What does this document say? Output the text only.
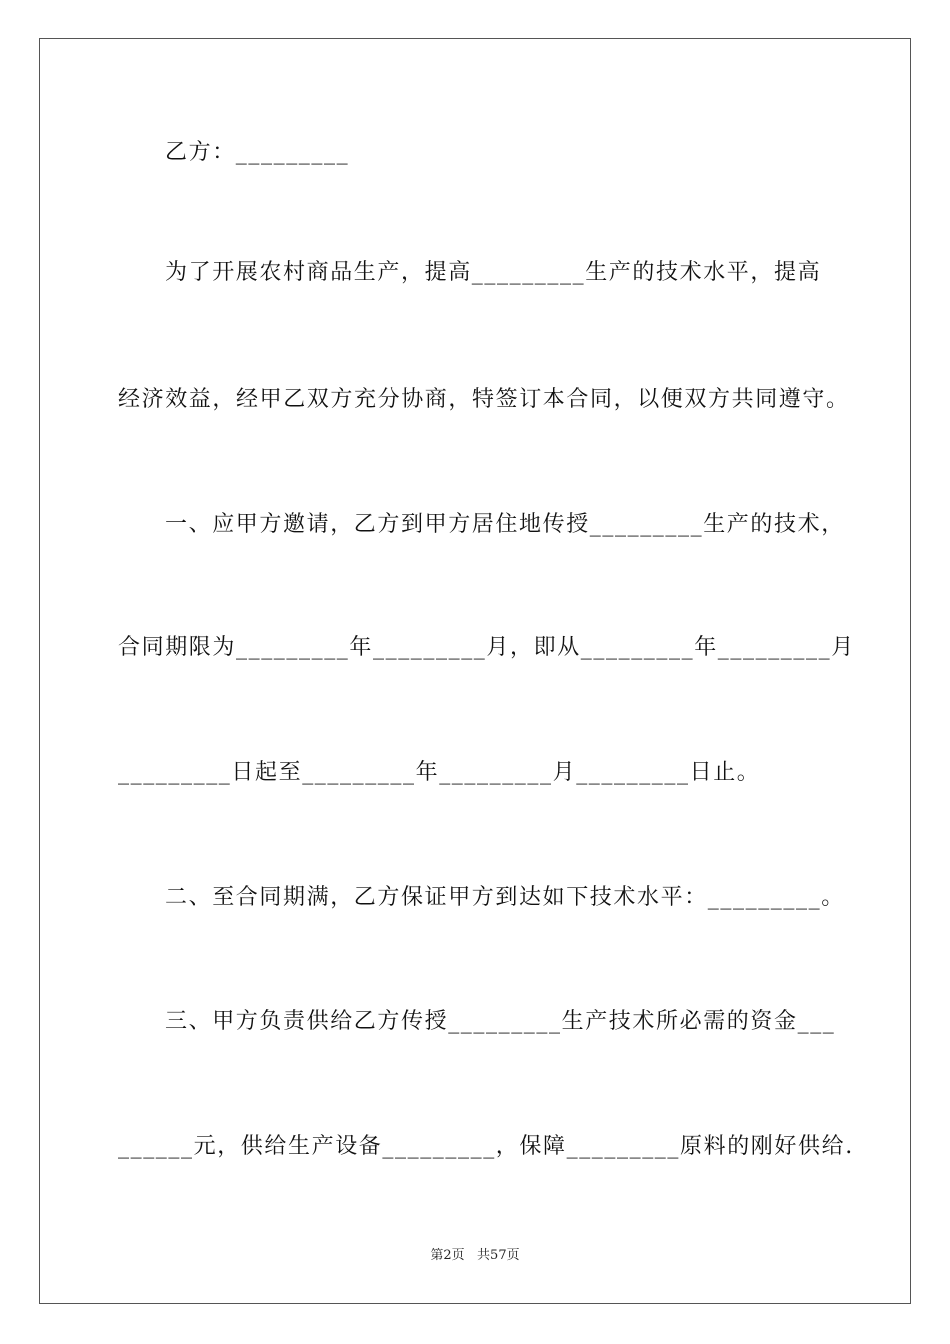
乙方：_________
为了开展农村商品生产，提高_________生产的技术水平，提高
经济效益，经甲乙双方充分协商，特签订本合同，以便双方共同遵守。
一、应甲方邀请，乙方到甲方居住地传授_________生产的技术，
合同期限为_________年_________月，即从_________年_________月
_________日起至_________年_________月_________日止。
二、至合同期满，乙方保证甲方到达如下技术水平：_________。
三、甲方负责供给乙方传授_________生产技术所必需的资金___
______元，供给生产设备_________，保障_________原料的刚好供给.
第2页   共57页
